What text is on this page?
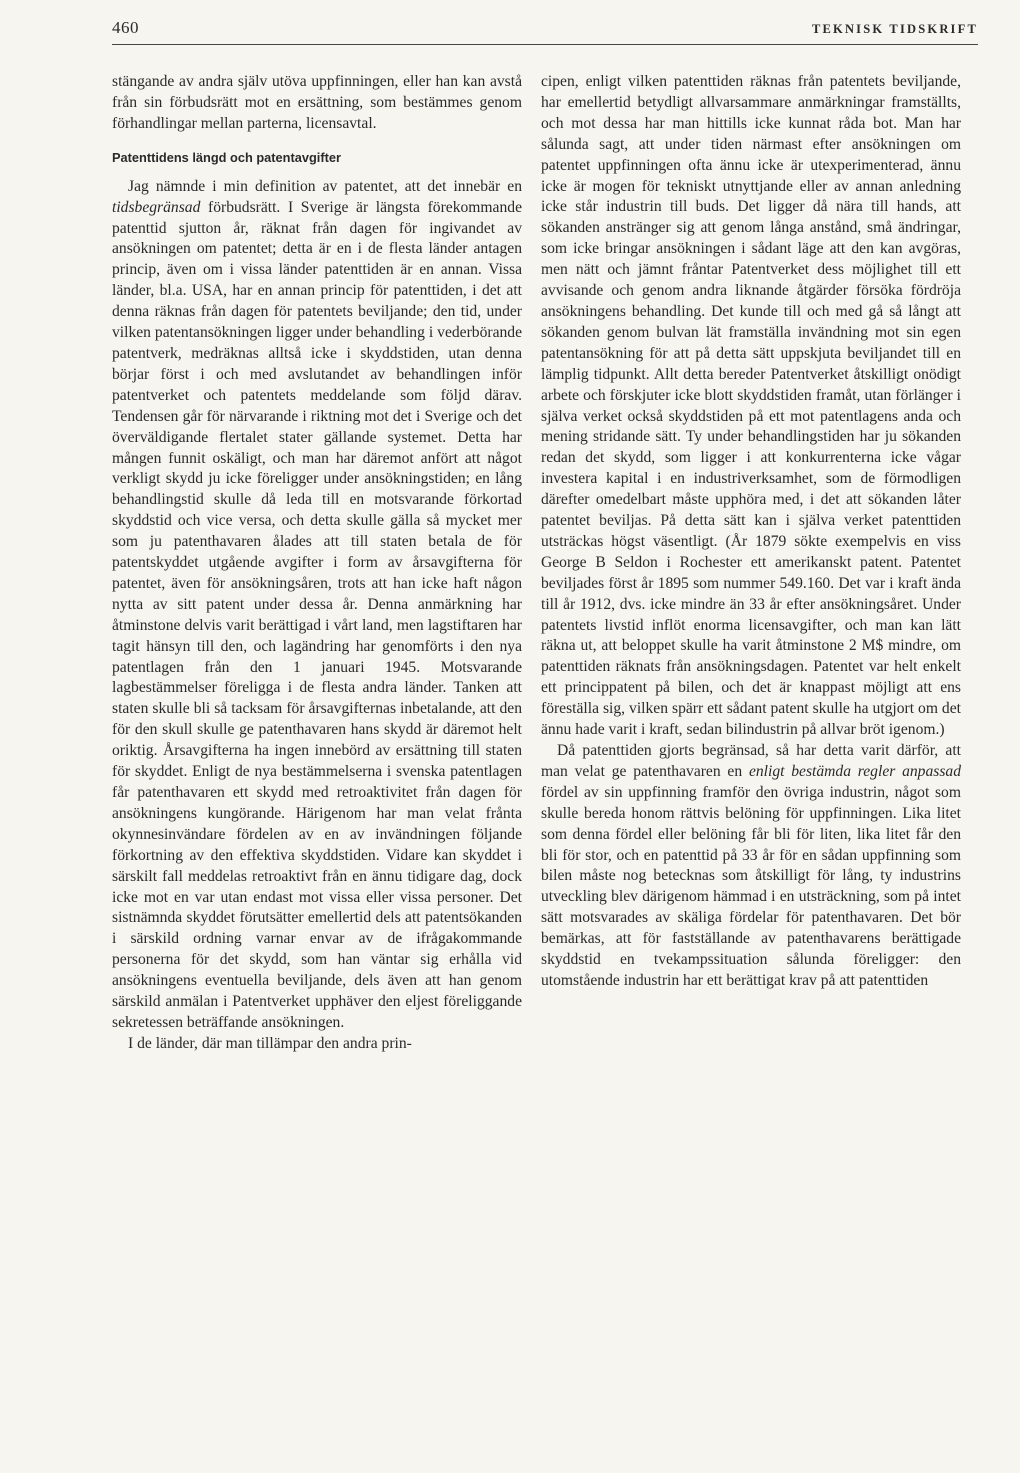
460	TEKNISK TIDSKRIFT

stängande av andra själv utöva uppfinningen, eller han kan avstå från sin förbudsrätt mot en ersättning, som bestämmes genom förhandlingar mellan parterna, licensavtal.

Patenttidens längd och patentavgifter

Jag nämnde i min definition av patentet, att det innebär en tidsbegränsad förbudsrätt. I Sverige är längsta förekommande patenttid sjutton år, räknat från dagen för ingivandet av ansökningen om patentet; detta är en i de flesta länder antagen princip, även om i vissa länder patenttiden är en annan. Vissa länder, bl.a. USA, har en annan princip för patenttiden, i det att denna räknas från dagen för patentets beviljande; den tid, under vilken patentansökningen ligger under behandling i vederbörande patentverk, medräknas alltså icke i skyddstiden, utan denna börjar först i och med avslutandet av behandlingen inför patentverket och patentets meddelande som följd därav. Tendensen går för närvarande i riktning mot det i Sverige och det överväldigande flertalet stater gällande systemet. Detta har mången funnit oskäligt, och man har däremot anfört att något verkligt skydd ju icke föreligger under ansökningstiden; en lång behandlingstid skulle då leda till en motsvarande förkortad skyddstid och vice versa, och detta skulle gälla så mycket mer som ju patenthavaren ålades att till staten betala de för patentskyddet utgående avgifter i form av årsavgifterna för patentet, även för ansökningsåren, trots att han icke haft någon nytta av sitt patent under dessa år. Denna anmärkning har åtminstone delvis varit berättigad i vårt land, men lagstiftaren har tagit hänsyn till den, och lagändring har genomförts i den nya patentlagen från den 1 januari 1945. Motsvarande lagbestämmelser föreligga i de flesta andra länder. Tanken att staten skulle bli så tacksam för årsavgifternas inbetalande, att den för den skull skulle ge patenthavaren hans skydd är däremot helt oriktig. Årsavgifterna ha ingen innebörd av ersättning till staten för skyddet. Enligt de nya bestämmelserna i svenska patentlagen får patenthavaren ett skydd med retroaktivitet från dagen för ansökningens kungörande. Härigenom har man velat frånta okynnesinvändare fördelen av en av invändningen följande förkortning av den effektiva skyddstiden. Vidare kan skyddet i särskilt fall meddelas retroaktivt från en ännu tidigare dag, dock icke mot en var utan endast mot vissa eller vissa personer. Det sistnämnda skyddet förutsätter emellertid dels att patentsökanden i särskild ordning varnar envar av de ifrågakommande personerna för det skydd, som han väntar sig erhålla vid ansökningens eventuella beviljande, dels även att han genom särskild anmälan i Patentverket upphäver den eljest föreliggande sekretessen beträffande ansökningen.

I de länder, där man tillämpar den andra prin-

cipen, enligt vilken patenttiden räknas från patentets beviljande, har emellertid betydligt allvarsammare anmärkningar framställts, och mot dessa har man hittills icke kunnat råda bot. Man har sålunda sagt, att under tiden närmast efter ansökningen om patentet uppfinningen ofta ännu icke är utexperimenterad, ännu icke är mogen för tekniskt utnyttjande eller av annan anledning icke står industrin till buds. Det ligger då nära till hands, att sökanden anstränger sig att genom långa anstånd, små ändringar, som icke bringar ansökningen i sådant läge att den kan avgöras, men nätt och jämnt fråntar Patentverket dess möjlighet till ett avvisande och genom andra liknande åtgärder försöka fördröja ansökningens behandling. Det kunde till och med gå så långt att sökanden genom bulvan lät framställa invändning mot sin egen patentansökning för att på detta sätt uppskjuta beviljandet till en lämplig tidpunkt. Allt detta bereder Patentverket åtskilligt onödigt arbete och förskjuter icke blott skyddstiden framåt, utan förlänger i själva verket också skyddstiden på ett mot patentlagens anda och mening stridande sätt. Ty under behandlingstiden har ju sökanden redan det skydd, som ligger i att konkurrenterna icke vågar investera kapital i en industriverksamhet, som de förmodligen därefter omedelbart måste upphöra med, i det att sökanden låter patentet beviljas. På detta sätt kan i själva verket patenttiden utsträckas högst väsentligt. (År 1879 sökte exempelvis en viss George B Seldon i Rochester ett amerikanskt patent. Patentet beviljades först år 1895 som nummer 549.160. Det var i kraft ända till år 1912, dvs. icke mindre än 33 år efter ansökningsåret. Under patentets livstid inflöt enorma licensavgifter, och man kan lätt räkna ut, att beloppet skulle ha varit åtminstone 2 M$ mindre, om patenttiden räknats från ansökningsdagen. Patentet var helt enkelt ett princippatent på bilen, och det är knappast möjligt att ens föreställa sig, vilken spärr ett sådant patent skulle ha utgjort om det ännu hade varit i kraft, sedan bilindustrin på allvar bröt igenom.)

Då patenttiden gjorts begränsad, så har detta varit därför, att man velat ge patenthavaren en enligt bestämda regler anpassad fördel av sin uppfinning framför den övriga industrin, något som skulle bereda honom rättvis belöning för uppfinningen. Lika litet som denna fördel eller belöning får bli för liten, lika litet får den bli för stor, och en patenttid på 33 år för en sådan uppfinning som bilen måste nog betecknas som åtskilligt för lång, ty industrins utveckling blev därigenom hämmad i en utsträckning, som på intet sätt motsvarades av skäliga fördelar för patenthavaren. Det bör bemärkas, att för fastställande av patenthavarens berättigade skyddstid en tvekampssituation sålunda föreligger: den utomstående industrin har ett berättigat krav på att patenttiden
